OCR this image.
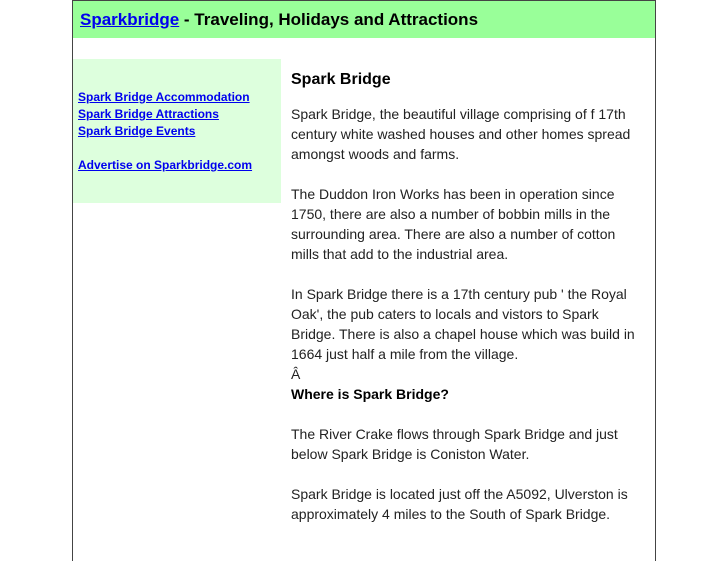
Sparkbridge - Traveling, Holidays and Attractions
Spark Bridge Accommodation
Spark Bridge Attractions
Spark Bridge Events
Advertise on Sparkbridge.com
Spark Bridge

Spark Bridge, the beautiful village comprising of f 17th century white washed houses and other homes spread amongst woods and farms.

The Duddon Iron Works has been in operation since 1750, there are also a number of bobbin mills in the surrounding area. There are also a number of cotton mills that add to the industrial area.

In Spark Bridge there is a 17th century pub ' the Royal Oak', the pub caters to locals and vistors to Spark Bridge. There is also a chapel house which was build in 1664 just half a mile from the village.

Â
Where is Spark Bridge?

The River Crake flows through Spark Bridge and just below Spark Bridge is Coniston Water.

Spark Bridge is located just off the A5092, Ulverston is approximately 4 miles to the South of Spark Bridge.
